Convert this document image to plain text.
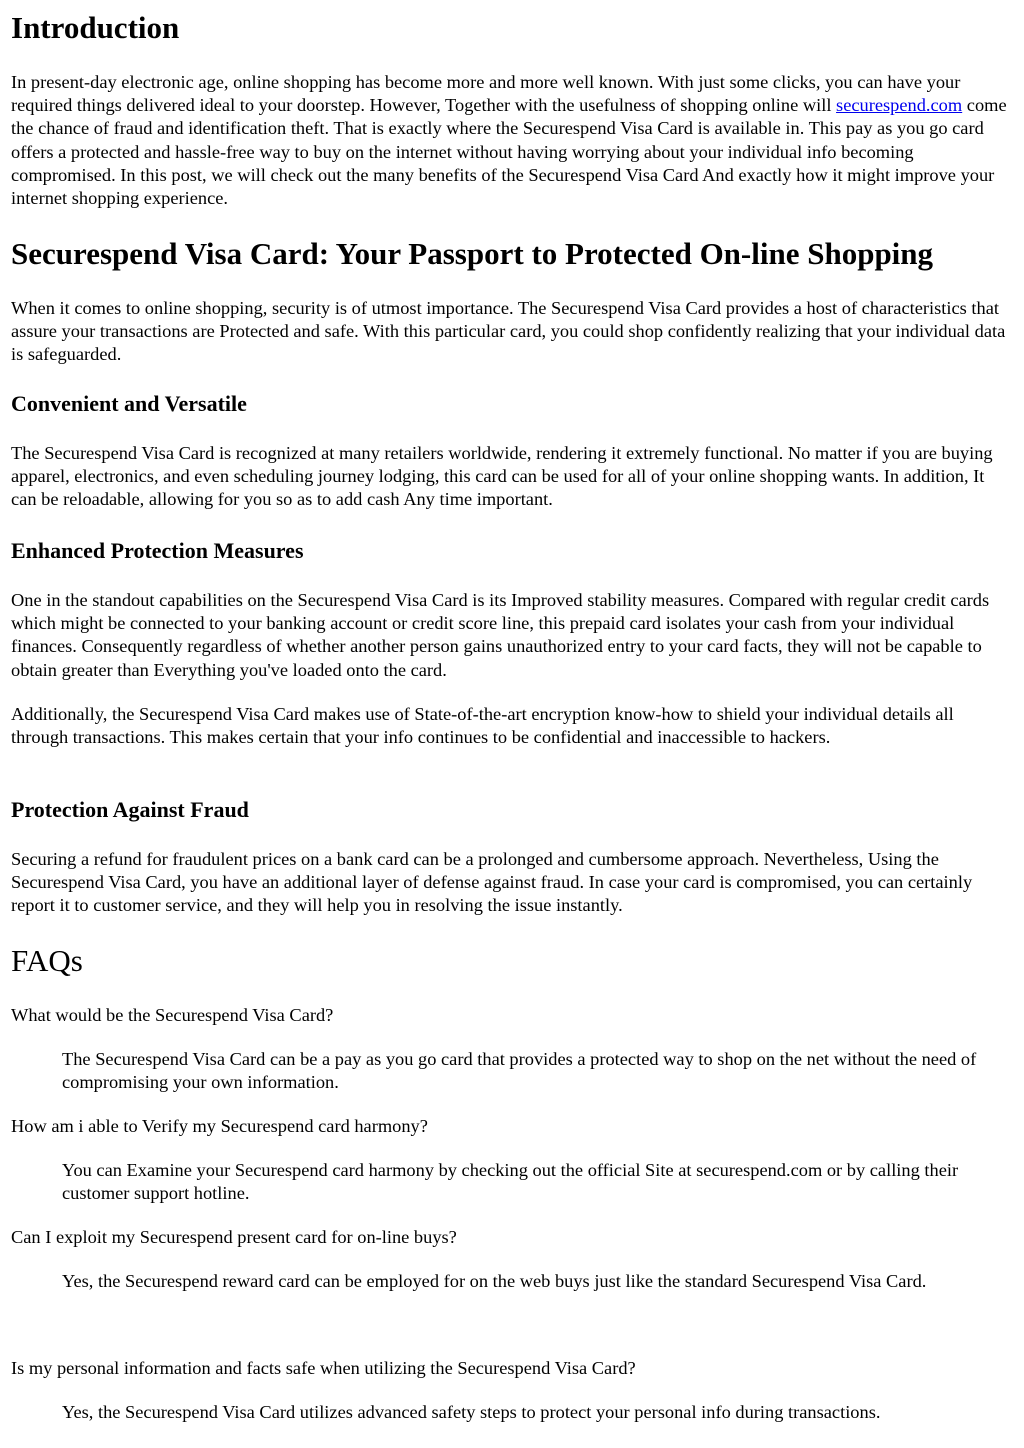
Introduction

In present-day electronic age, online shopping has become more and more well known. With just some clicks, you can have your required things delivered ideal to your doorstep. However, Together with the usefulness of shopping online will securespend.com come the chance of fraud and identification theft. That is exactly where the Securespend Visa Card is available in. This pay as you go card offers a protected and hassle-free way to buy on the internet without having worrying about your individual info becoming compromised. In this post, we will check out the many benefits of the Securespend Visa Card And exactly how it might improve your internet shopping experience.

Securespend Visa Card: Your Passport to Protected On-line Shopping

When it comes to online shopping, security is of utmost importance. The Securespend Visa Card provides a host of characteristics that assure your transactions are Protected and safe. With this particular card, you could shop confidently realizing that your individual data is safeguarded.

Convenient and Versatile

The Securespend Visa Card is recognized at many retailers worldwide, rendering it extremely functional. No matter if you are buying apparel, electronics, and even scheduling journey lodging, this card can be used for all of your online shopping wants. In addition, It can be reloadable, allowing for you so as to add cash Any time important.

Enhanced Protection Measures

One in the standout capabilities on the Securespend Visa Card is its Improved stability measures. Compared with regular credit cards which might be connected to your banking account or credit score line, this prepaid card isolates your cash from your individual finances. Consequently regardless of whether another person gains unauthorized entry to your card facts, they will not be capable to obtain greater than Everything you've loaded onto the card.

Additionally, the Securespend Visa Card makes use of State-of-the-art encryption know-how to shield your individual details all through transactions. This makes certain that your info continues to be confidential and inaccessible to hackers.

Protection Against Fraud

Securing a refund for fraudulent prices on a bank card can be a prolonged and cumbersome approach. Nevertheless, Using the Securespend Visa Card, you have an additional layer of defense against fraud. In case your card is compromised, you can certainly report it to customer service, and they will help you in resolving the issue instantly.

FAQs
What would be the Securespend Visa Card?
The Securespend Visa Card can be a pay as you go card that provides a protected way to shop on the net without the need of compromising your own information.
How am i able to Verify my Securespend card harmony?
You can Examine your Securespend card harmony by checking out the official Site at securespend.com or by calling their customer support hotline.
Can I exploit my Securespend present card for on-line buys?
Yes, the Securespend reward card can be employed for on the web buys just like the standard Securespend Visa Card.
Is my personal information and facts safe when utilizing the Securespend Visa Card?
Yes, the Securespend Visa Card utilizes advanced safety steps to protect your personal info during transactions.
